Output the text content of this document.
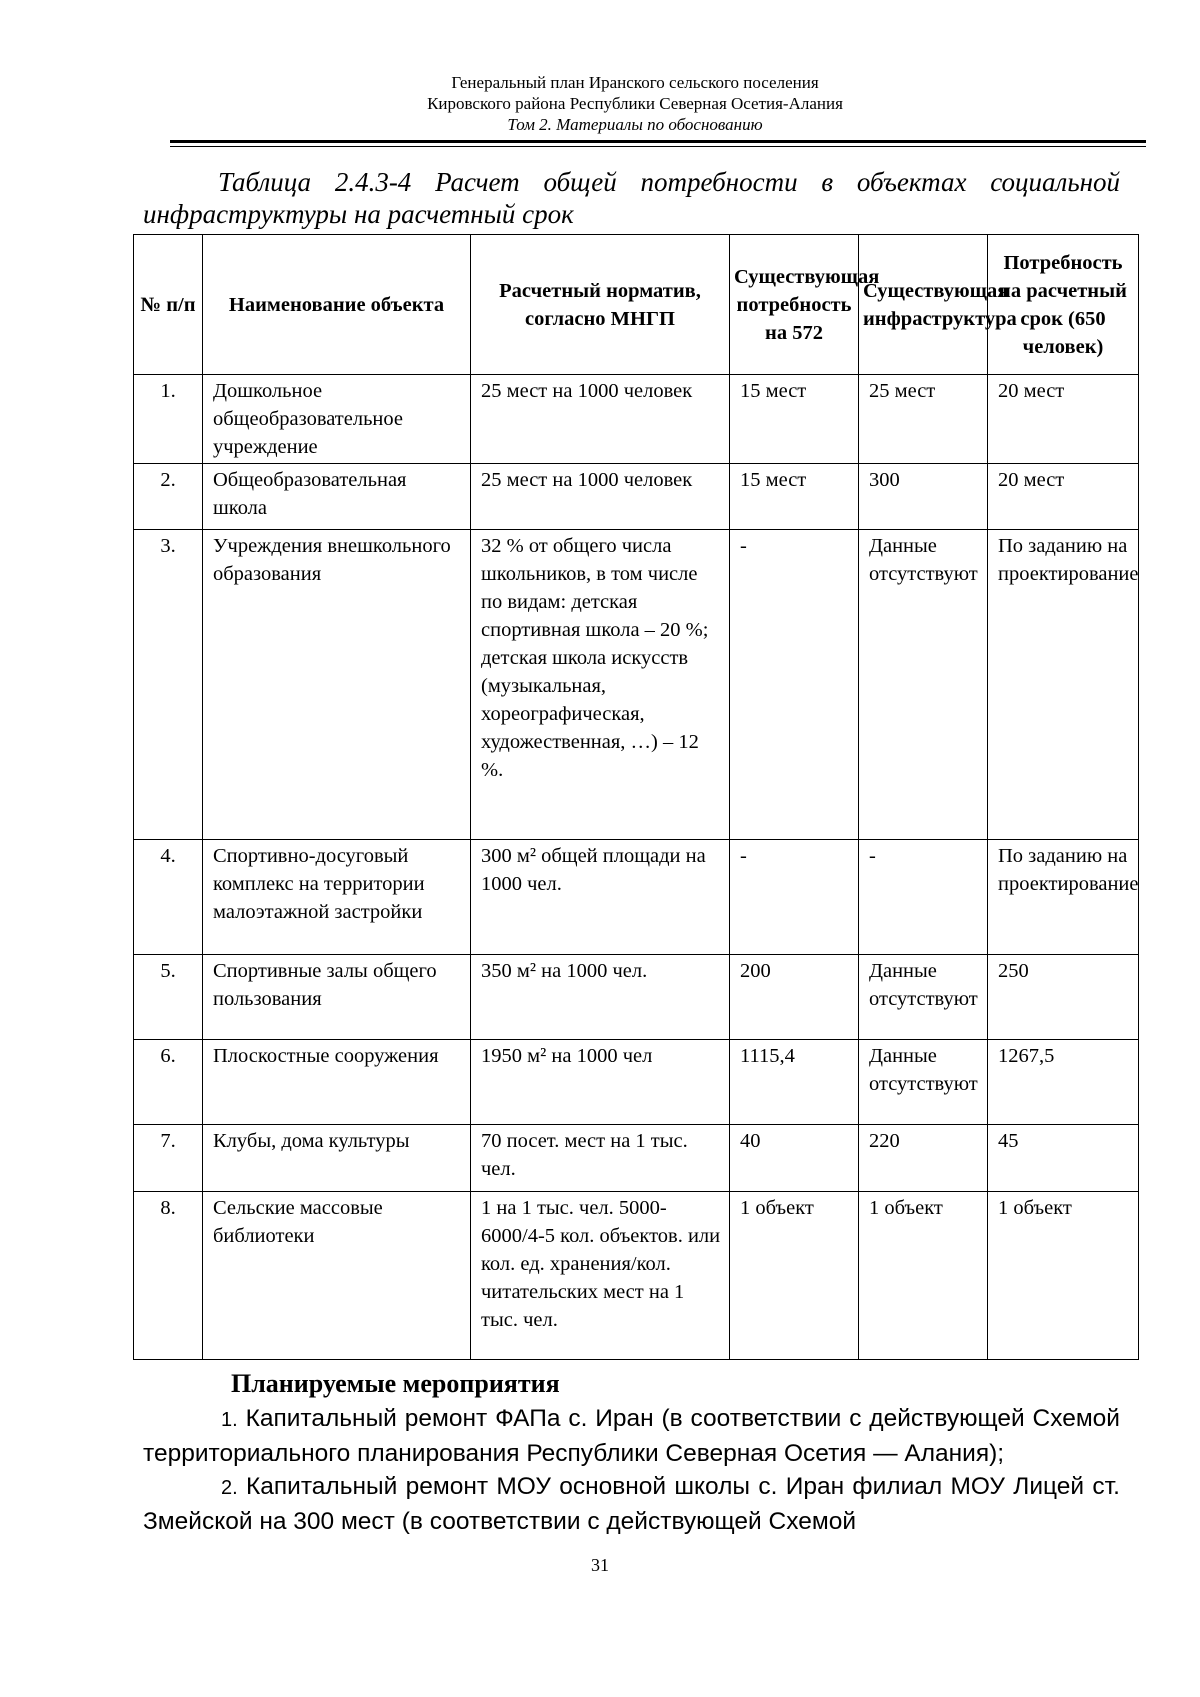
Генеральный план Иранского сельского поселения
Кировского района Республики Северная Осетия-Алания
Том 2. Материалы по обоснованию
Таблица 2.4.3-4 Расчет общей потребности в объектах социальной инфраструктуры на расчетный срок
№ п/п	Наименование объекта	Расчетный норматив, согласно МНГП	Существующая потребность на 572	Существующая инфраструктура	Потребность на расчетный срок (650 человек)
1.	Дошкольное общеобразовательное учреждение	25 мест на 1000 человек	15 мест	25 мест	20 мест
2.	Общеобразовательная школа	25 мест на 1000 человек	15 мест	300	20 мест
3.	Учреждения внешкольного образования	32 % от общего числа школьников, в том числе по видам: детская спортивная школа – 20 %; детская школа искусств (музыкальная, хореографическая, художественная, …) – 12 %.	-	Данные отсутствуют	По заданию на проектирование
4.	Спортивно-досуговый комплекс на территории малоэтажной застройки	300 м² общей площади на 1000 чел.	-	-	По заданию на проектирование
5.	Спортивные залы общего пользования	350 м² на 1000 чел.	200	Данные отсутствуют	250
6.	Плоскостные сооружения	1950 м² на 1000 чел	1115,4	Данные отсутствуют	1267,5
7.	Клубы, дома культуры	70 посет. мест на 1 тыс. чел.	40	220	45
8.	Сельские массовые библиотеки	1 на 1 тыс. чел. 5000-6000/4-5 кол. объектов. или кол. ед. хранения/кол. читательских мест на 1 тыс. чел.	1 объект	1 объект	1 объект
Планируемые мероприятия

1. Капитальный ремонт ФАПа с. Иран (в соответствии с действующей Схемой территориального планирования Республики Северная Осетия — Алания);

2. Капитальный ремонт МОУ основной школы с. Иран филиал МОУ Лицей ст. Змейской на 300 мест (в соответствии с действующей Схемой

31
